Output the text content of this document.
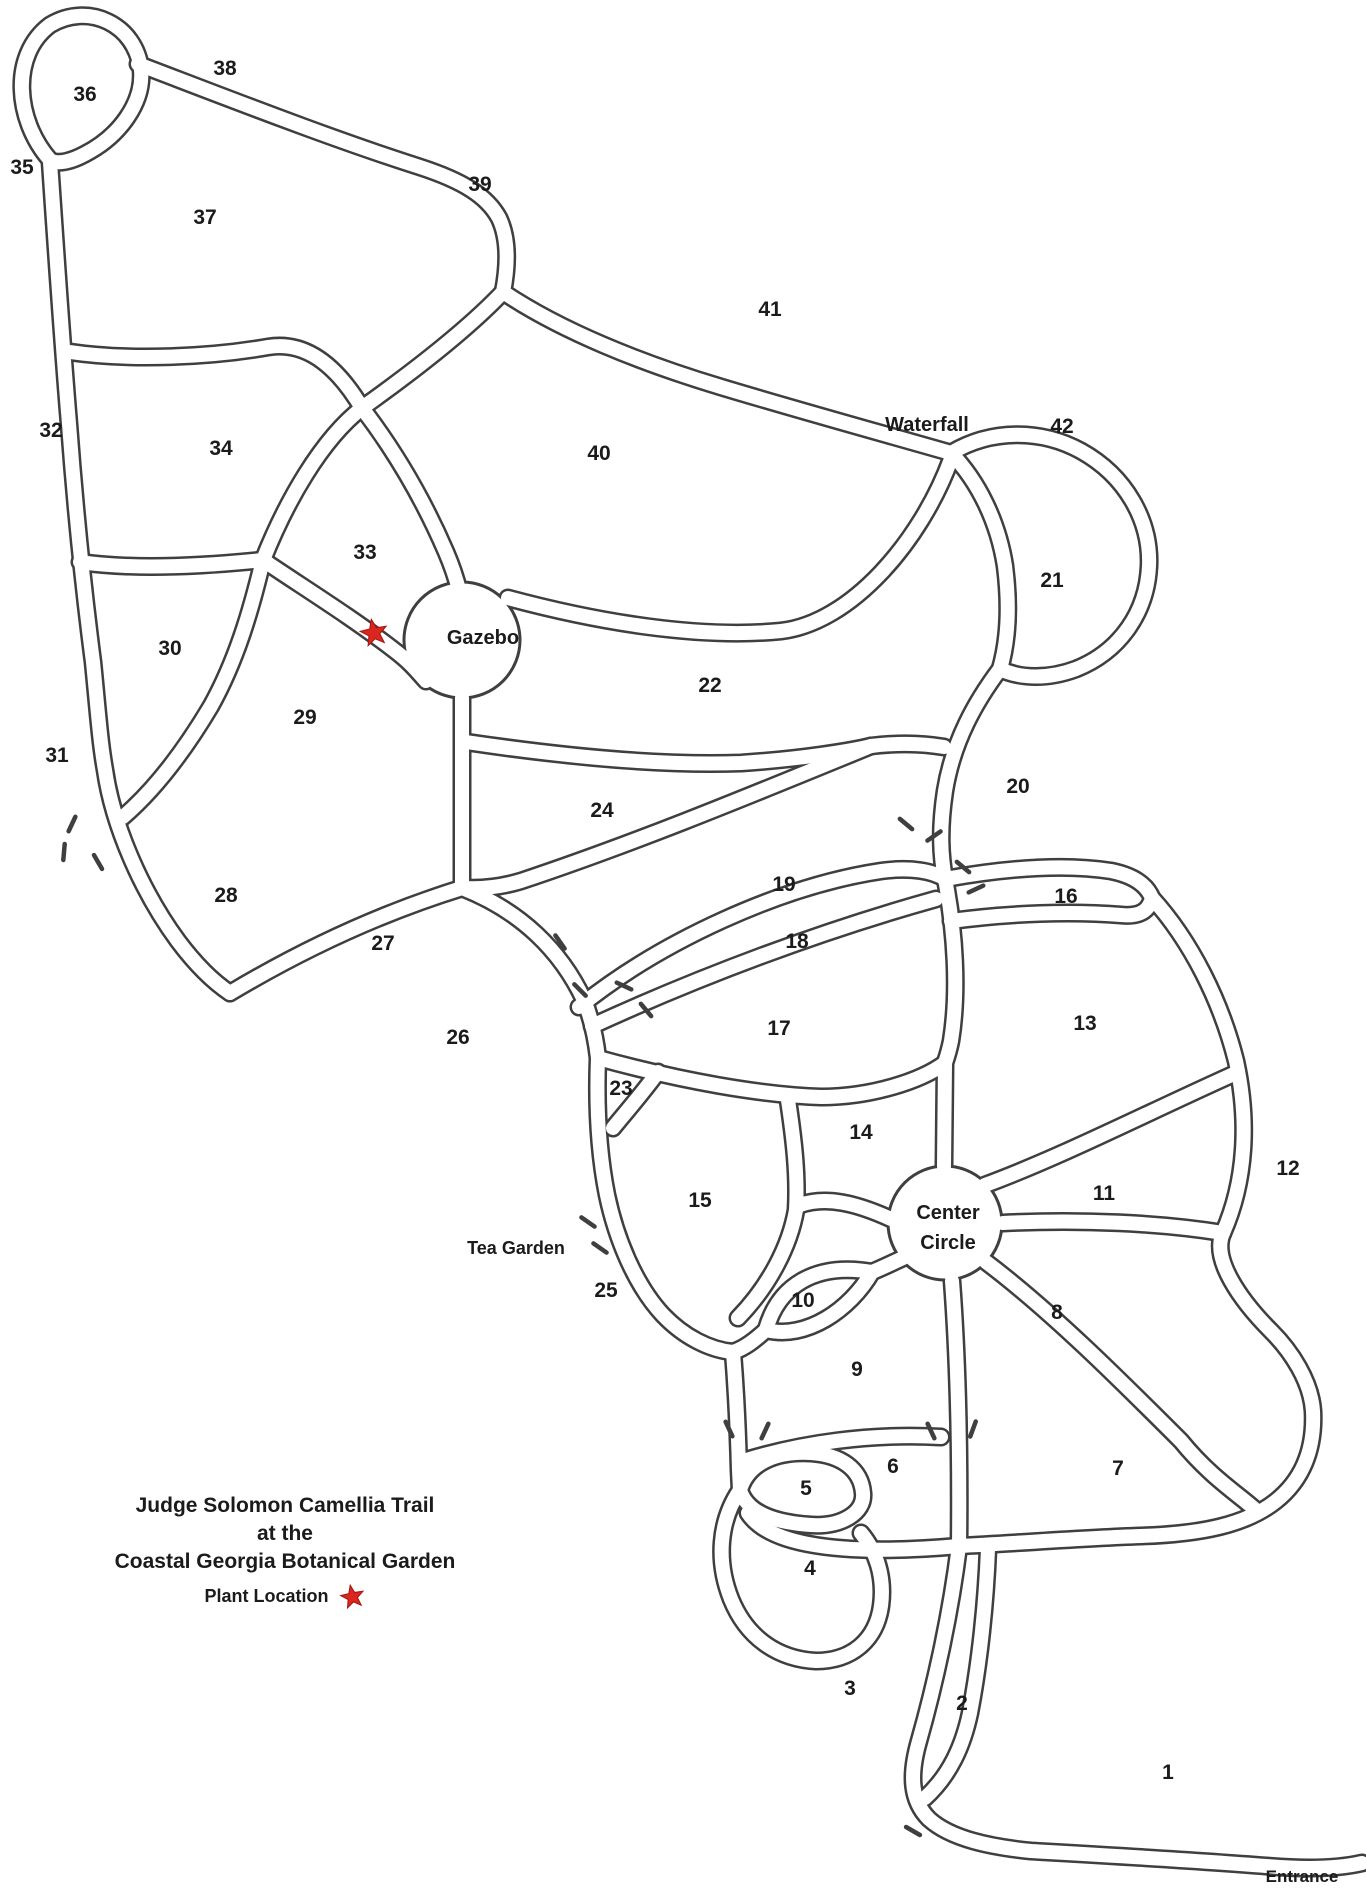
1
2
3
4
5
6	7
8
9
10
11
12
13
14
15
16
17
18
19
20
21
22
23
24
25
26
27
28
29
30
31
32
33
34
35
36
37
38
39
40
41
42
Gazebo
Waterfall
Center
Circle
Tea Garden
Entrance
Judge Solomon Camellia Trail
at the
Coastal Georgia Botanical Garden
Plant Location
